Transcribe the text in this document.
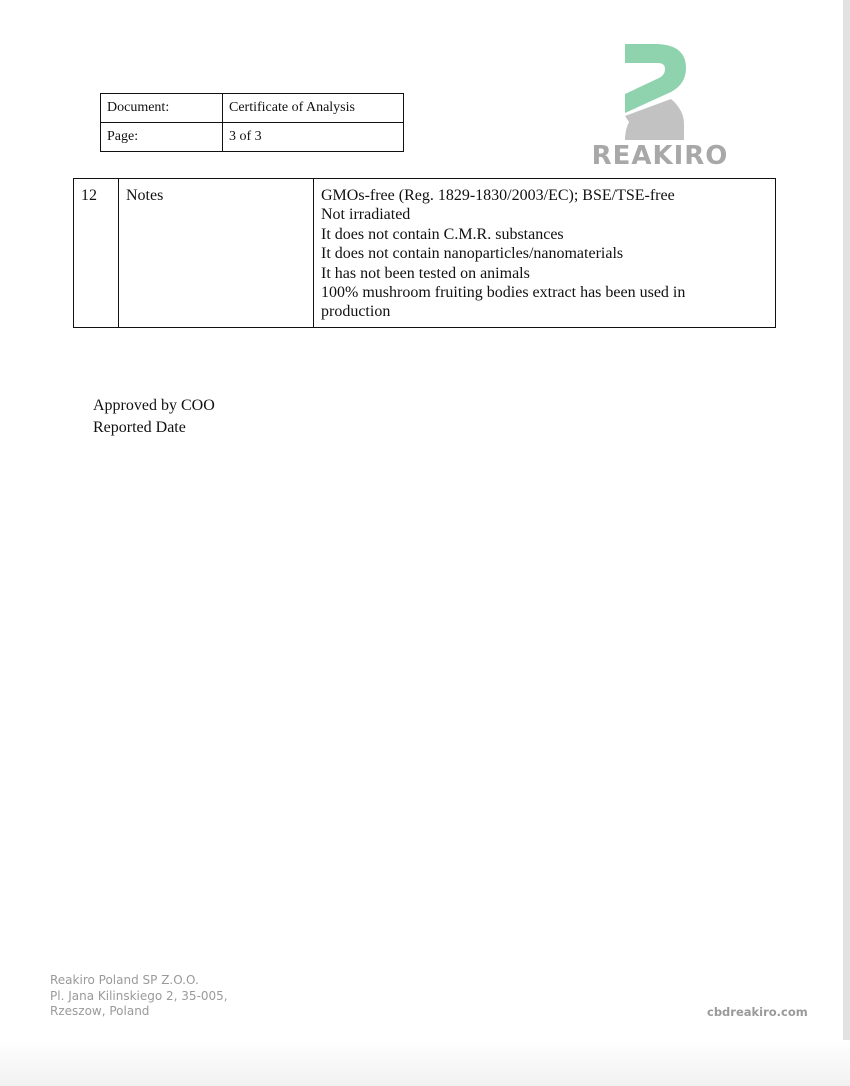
Document:	Certificate of Analysis
Page:	3 of 3
REAKIRO
12	Notes	GMOs-free (Reg. 1829-1830/2003/EC); BSE/TSE-free
Not irradiated
It does not contain C.M.R. substances
It does not contain nanoparticles/nanomaterials
It has not been tested on animals
100% mushroom fruiting bodies extract has been used in
production
Approved by COO
Reported Date
Reakiro Poland SP Z.O.O.
Pl. Jana Kilinskiego 2, 35-005,
Rzeszow, Poland	cbdreakiro.com
